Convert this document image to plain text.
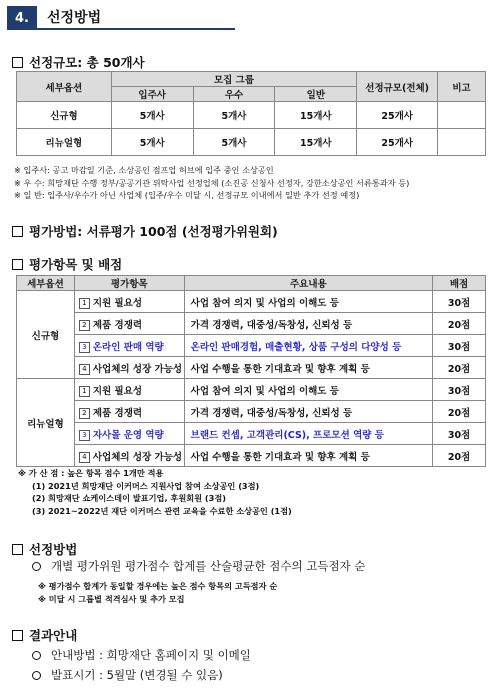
4.	선정방법
선정규모: 총 50개사
세부옵션	모집 그룹			선정규모(전체)	비고
	입주사	우수	일반		
신규형	5개사	5개사	15개사	25개사	
리뉴얼형	5개사	5개사	15개사	25개사	
※ 입주사: 공고 마감일 기준, 소상공인 점프업 허브에 입주 중인 소상공인
※ 우 수: 희망재단 수행 정부/공공기관 위탁사업 선정업체 (소진공 신청사 선정자, 강한소상공인 서류통과자 등)
※ 일 반: 입주사/우수가 아닌 사업체 (입주/우수 미달 시, 선정규모 이내에서 일반 추가 선정 예정)
평가방법: 서류평가 100점 (선정평가위원회)
평가항목 및 배점
세부옵션	평가항목	주요내용	배점
신규형	1 지원 필요성	사업 참여 의지 및 사업의 이해도 등	30점
	2 제품 경쟁력	가격 경쟁력, 대중성/독창성, 신뢰성 등	20점
	3 온라인 판매 역량	온라인 판매경험, 매출현황, 상품 구성의 다양성 등	30점
	4 사업체의 성장 가능성	사업 수행을 통한 기대효과 및 향후 계획 등	20점
리뉴얼형	1 지원 필요성	사업 참여 의지 및 사업의 이해도 등	30점
	2 제품 경쟁력	가격 경쟁력, 대중성/독창성, 신뢰성 등	20점
	3 자사몰 운영 역량	브랜드 컨셉, 고객관리(CS), 프로모션 역량 등	30점
	4 사업체의 성장 가능성	사업 수행을 통한 기대효과 및 향후 계획 등	20점
※ 가 산 점 : 높은 항목 점수 1개만 적용
(1) 2021년 희망재단 이커머스 지원사업 참여 소상공인 (3점)
(2) 희망재단 쇼케이스데이 발표기업, 후원회원 (3점)
(3) 2021~2022년 재단 이커머스 관련 교육을 수료한 소상공인 (1점)
선정방법
개별 평가위원 평가점수 합계를 산술평균한 점수의 고득점자 순
※ 평가점수 합계가 동일할 경우에는 높은 점수 항목의 고득점자 순
※ 미달 시 그룹별 적격심사 및 추가 모집
결과안내
안내방법 : 희망재단 홈페이지 및 이메일
발표시기 : 5월말 (변경될 수 있음)
